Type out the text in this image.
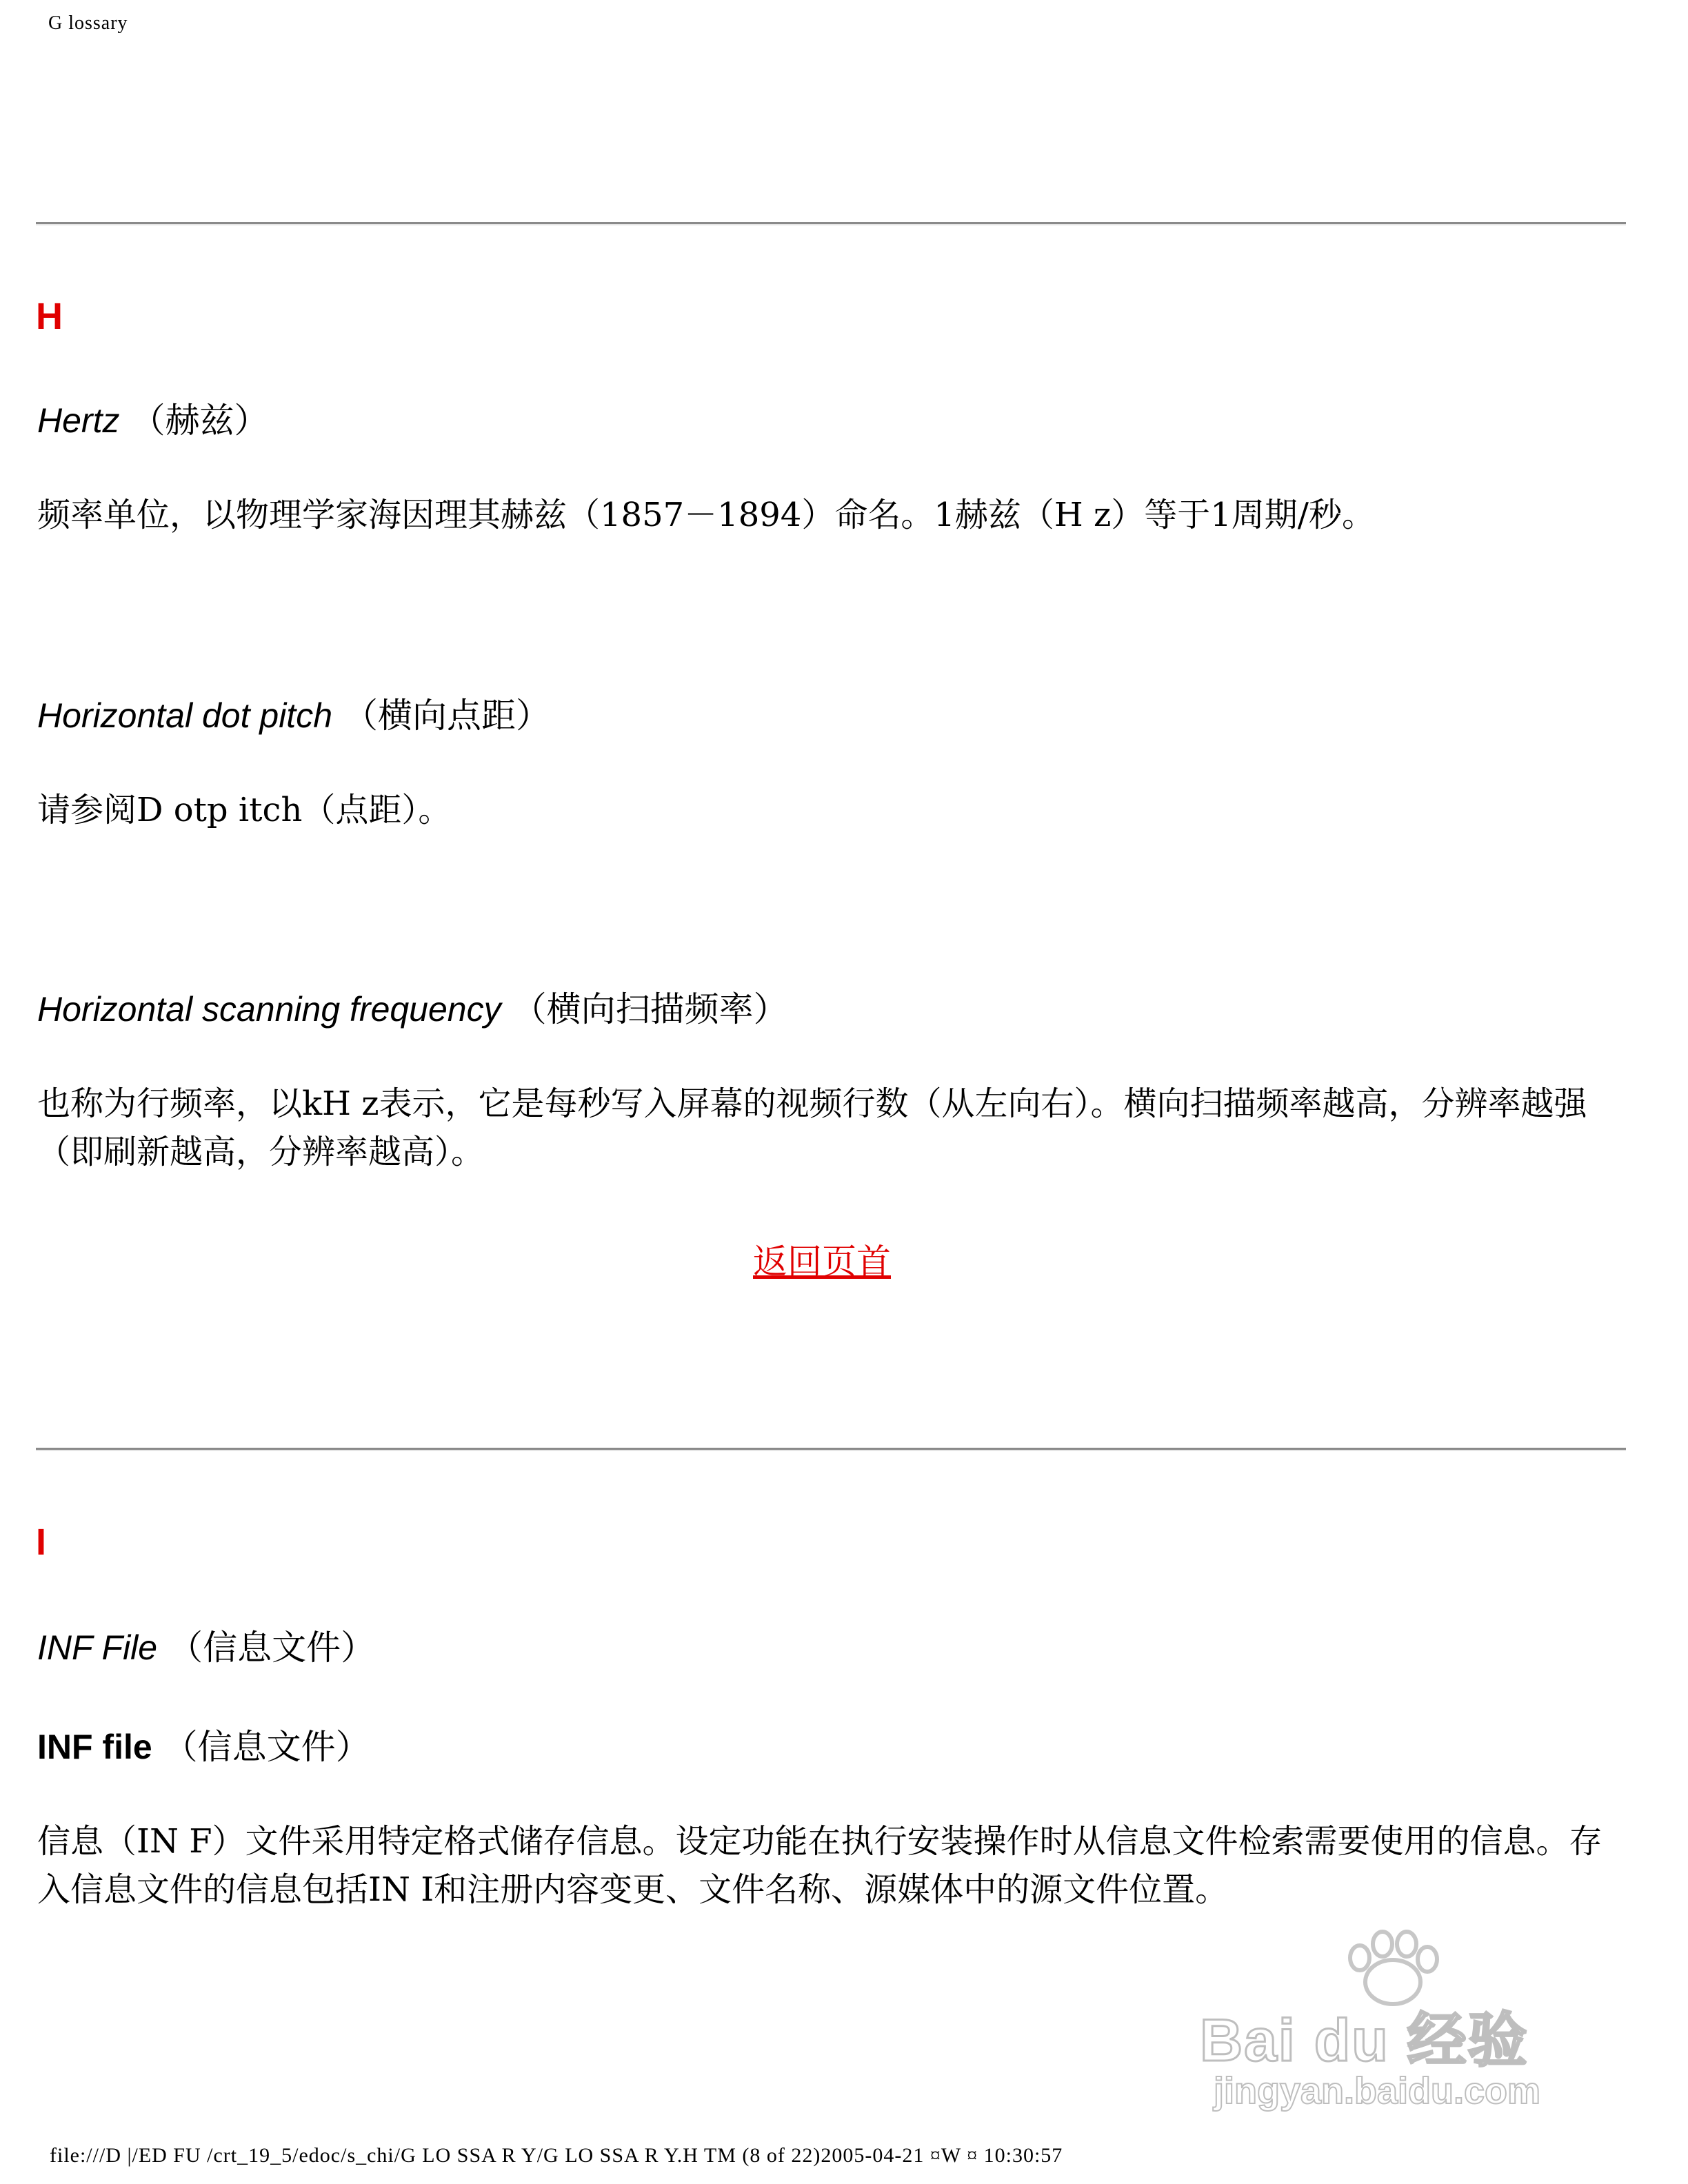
G lossary
H
Hertz （赫兹）
频率单位，以物理学家海因理其赫兹（1857－1894）命名。1赫兹（H z）等于1周期/秒。
Horizontal dot pitch （横向点距）
请参阅D otp itch（点距）。
Horizontal scanning frequency （横向扫描频率）
也称为行频率，以kH z表示，它是每秒写入屏幕的视频行数（从左向右）。横向扫描频率越高，分辨率越强（即刷新越高，分辨率越高）。
返回页首
I
INF File （信息文件）
INF file （信息文件）
信息（IN F）文件采用特定格式储存信息。设定功能在执行安装操作时从信息文件检索需要使用的信息。存入信息文件的信息包括IN I和注册内容变更、文件名称、源媒体中的源文件位置。
Bai du 经验
jingyan.baidu.com
file:///D |/ED FU /crt_19_5/edoc/s_chi/G LO SSA R Y/G LO SSA R Y.H TM (8 of 22)2005-04-21 ¤W ¤ 10:30:57
